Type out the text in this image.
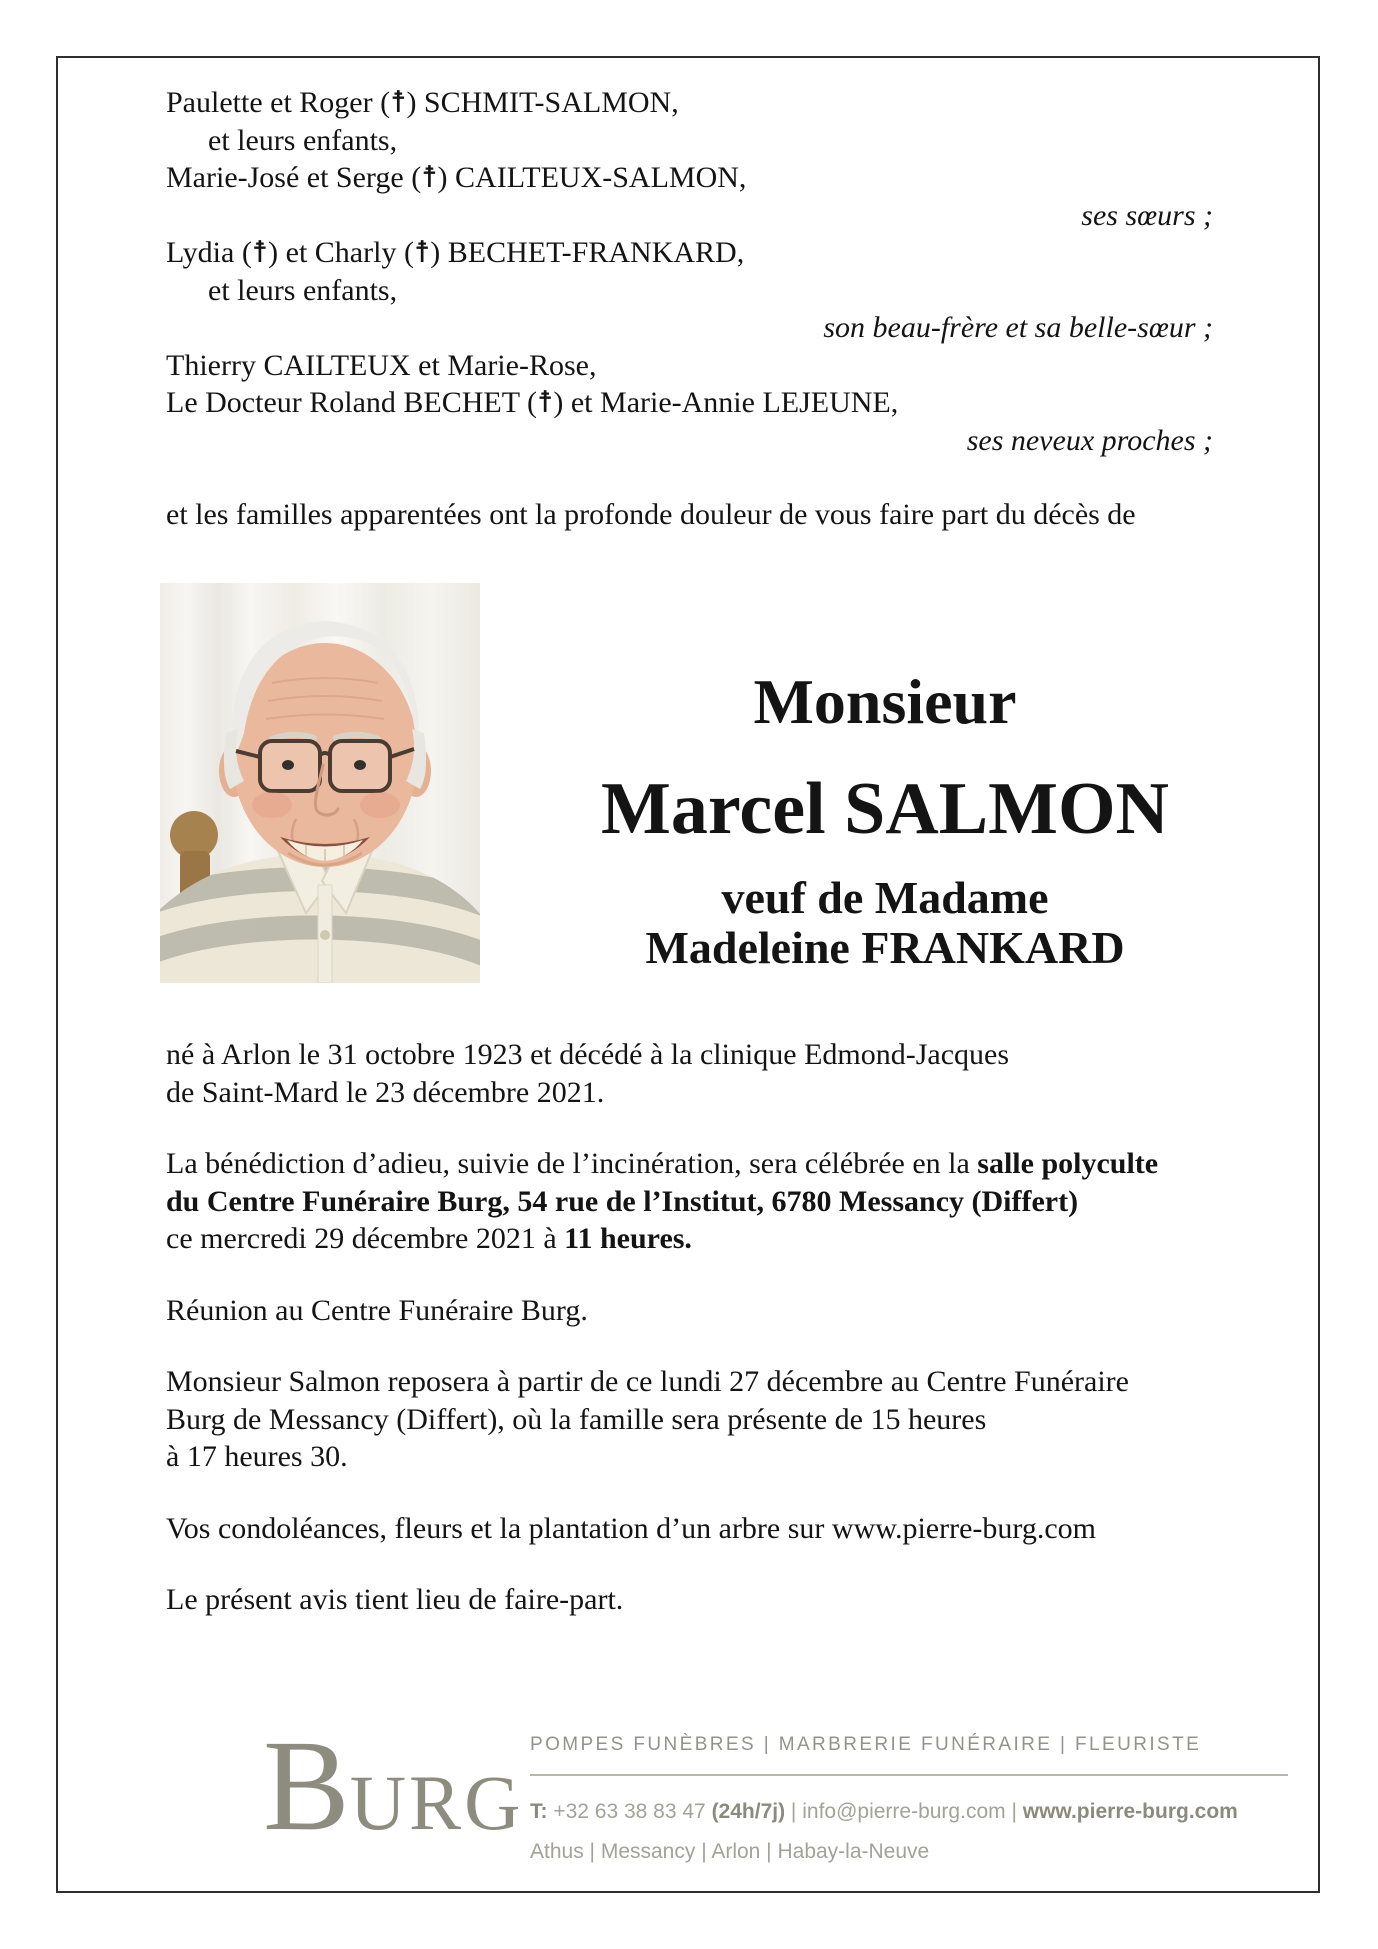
Paulette et Roger (☨) SCHMIT-SALMON,
et leurs enfants,
Marie-José et Serge (☨) CAILTEUX-SALMON,
ses sœurs ;
Lydia (☨) et Charly (☨) BECHET-FRANKARD,
et leurs enfants,
son beau-frère et sa belle-sœur ;
Thierry CAILTEUX et Marie-Rose,
Le Docteur Roland BECHET (☨) et Marie-Annie LEJEUNE,
ses neveux proches ;
et les familles apparentées ont la profonde douleur de vous faire part du décès de
Monsieur
Marcel SALMON
veuf de Madame
Madeleine FRANKARD
né à Arlon le 31 octobre 1923 et décédé à la clinique Edmond-Jacques
de Saint-Mard le 23 décembre 2021.
La bénédiction d’adieu, suivie de l’incinération, sera célébrée en la salle polyculte
du Centre Funéraire Burg, 54 rue de l’Institut, 6780 Messancy (Differt)
ce mercredi 29 décembre 2021 à 11 heures.
Réunion au Centre Funéraire Burg.
Monsieur Salmon reposera à partir de ce lundi 27 décembre au Centre Funéraire
Burg de Messancy (Differt), où la famille sera présente de 15 heures
à 17 heures 30.
Vos condoléances, fleurs et la plantation d’un arbre sur www.pierre-burg.com
Le présent avis tient lieu de faire-part.
B URG
POMPES FUNÈBRES | MARBRERIE FUNÉRAIRE | FLEURISTE
T: +32 63 38 83 47 (24h/7j) | info@pierre-burg.com | www.pierre-burg.com
Athus | Messancy | Arlon | Habay-la-Neuve
